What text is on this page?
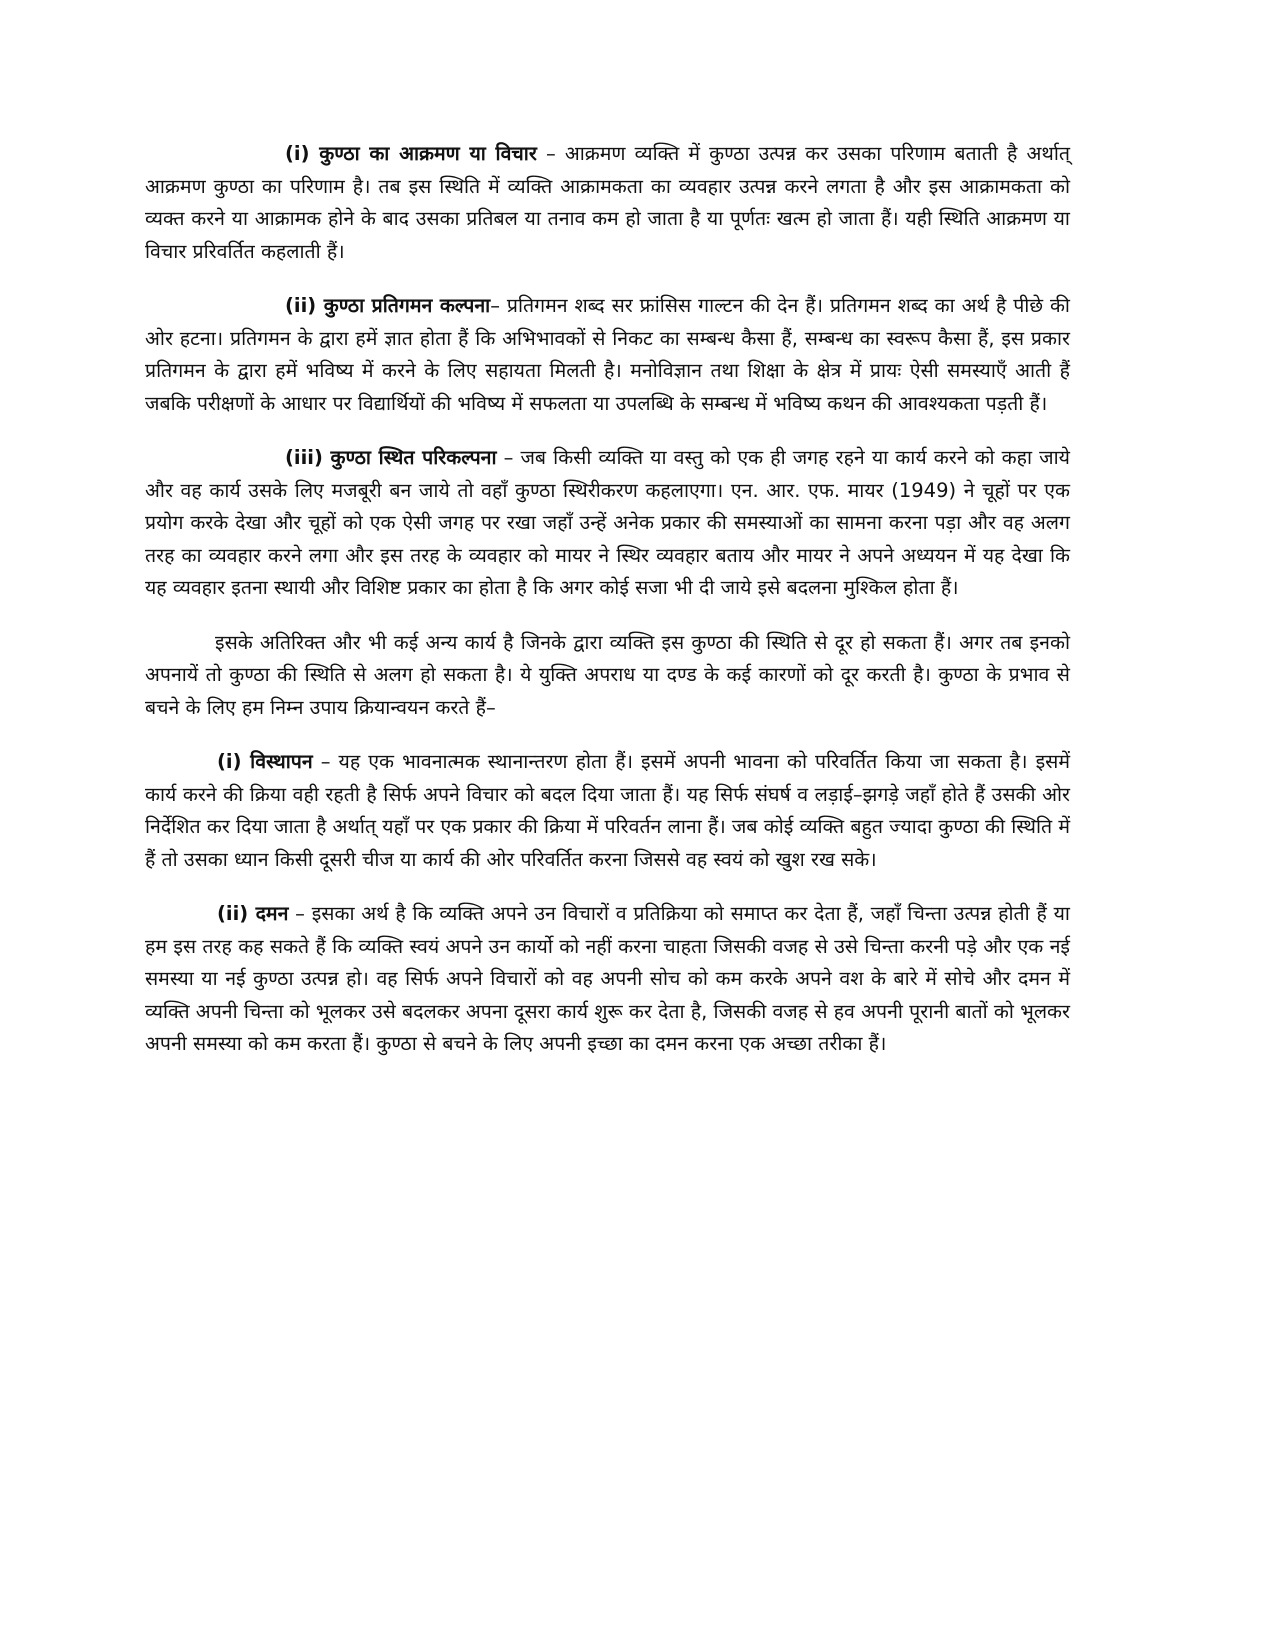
(i) कुण्ठा का आक्रमण या विचार – आक्रमण व्यक्ति में कुण्ठा उत्पन्न कर उसका परिणाम बताती है अर्थात् आक्रमण कुण्ठा का परिणाम है। तब इस स्थिति में व्यक्ति आक्रामकता का व्यवहार उत्पन्न करने लगता है और इस आक्रामकता को व्यक्त करने या आक्रामक होने के बाद उसका प्रतिबल या तनाव कम हो जाता है या पूर्णतः खत्म हो जाता हैं। यही स्थिति आक्रमण या विचार प्ररिवर्तित कहलाती हैं।

(ii) कुण्ठा प्रतिगमन कल्पना– प्रतिगमन शब्द सर फ्रांसिस गाल्टन की देन हैं। प्रतिगमन शब्द का अर्थ है पीछे की ओर हटना। प्रतिगमन के द्वारा हमें ज्ञात होता हैं कि अभिभावकों से निकट का सम्बन्ध कैसा हैं, सम्बन्ध का स्वरूप कैसा हैं, इस प्रकार प्रतिगमन के द्वारा हमें भविष्य में करने के लिए सहायता मिलती है। मनोविज्ञान तथा शिक्षा के क्षेत्र में प्रायः ऐसी समस्याएँ आती हैं जबकि परीक्षणों के आधार पर विद्यार्थियों की भविष्य में सफलता या उपलब्धि के सम्बन्ध में भविष्य कथन की आवश्यकता पड़ती हैं।

(iii) कुण्ठा स्थित परिकल्पना – जब किसी व्यक्ति या वस्तु को एक ही जगह रहने या कार्य करने को कहा जाये और वह कार्य उसके लिए मजबूरी बन जाये तो वहाँ कुण्ठा स्थिरीकरण कहलाएगा। एन. आर. एफ. मायर (1949) ने चूहों पर एक प्रयोग करके देखा और चूहों को एक ऐसी जगह पर रखा जहाँ उन्हें अनेक प्रकार की समस्याओं का सामना करना पड़ा और वह अलग तरह का व्यवहार करने लगा और इस तरह के व्यवहार को मायर ने स्थिर व्यवहार बताय और मायर ने अपने अध्ययन में यह देखा कि यह व्यवहार इतना स्थायी और विशिष्ट प्रकार का होता है कि अगर कोई सजा भी दी जाये इसे बदलना मुश्किल होता हैं।

इसके अतिरिक्त और भी कई अन्य कार्य है जिनके द्वारा व्यक्ति इस कुण्ठा की स्थिति से दूर हो सकता हैं। अगर तब इनको अपनायें तो कुण्ठा की स्थिति से अलग हो सकता है। ये युक्ति अपराध या दण्ड के कई कारणों को दूर करती है। कुण्ठा के प्रभाव से बचने के लिए हम निम्न उपाय क्रियान्वयन करते हैं–

(i) विस्थापन – यह एक भावनात्मक स्थानान्तरण होता हैं। इसमें अपनी भावना को परिवर्तित किया जा सकता है। इसमें कार्य करने की क्रिया वही रहती है सिर्फ अपने विचार को बदल दिया जाता हैं। यह सिर्फ संघर्ष व लड़ाई–झगड़े जहाँ होते हैं उसकी ओर निर्देशित कर दिया जाता है अर्थात् यहाँ पर एक प्रकार की क्रिया में परिवर्तन लाना हैं। जब कोई व्यक्ति बहुत ज्यादा कुण्ठा की स्थिति में हैं तो उसका ध्यान किसी दूसरी चीज या कार्य की ओर परिवर्तित करना जिससे वह स्वयं को खुश रख सके।

(ii) दमन – इसका अर्थ है कि व्यक्ति अपने उन विचारों व प्रतिक्रिया को समाप्त कर देता हैं, जहाँ चिन्ता उत्पन्न होती हैं या हम इस तरह कह सकते हैं कि व्यक्ति स्वयं अपने उन कार्यो को नहीं करना चाहता जिसकी वजह से उसे चिन्ता करनी पड़े और एक नई समस्या या नई कुण्ठा उत्पन्न हो। वह सिर्फ अपने विचारों को वह अपनी सोच को कम करके अपने वश के बारे में सोचे और दमन में व्यक्ति अपनी चिन्ता को भूलकर उसे बदलकर अपना दूसरा कार्य शुरू कर देता है, जिसकी वजह से हव अपनी पूरानी बातों को भूलकर अपनी समस्या को कम करता हैं। कुण्ठा से बचने के लिए अपनी इच्छा का दमन करना एक अच्छा तरीका हैं।
